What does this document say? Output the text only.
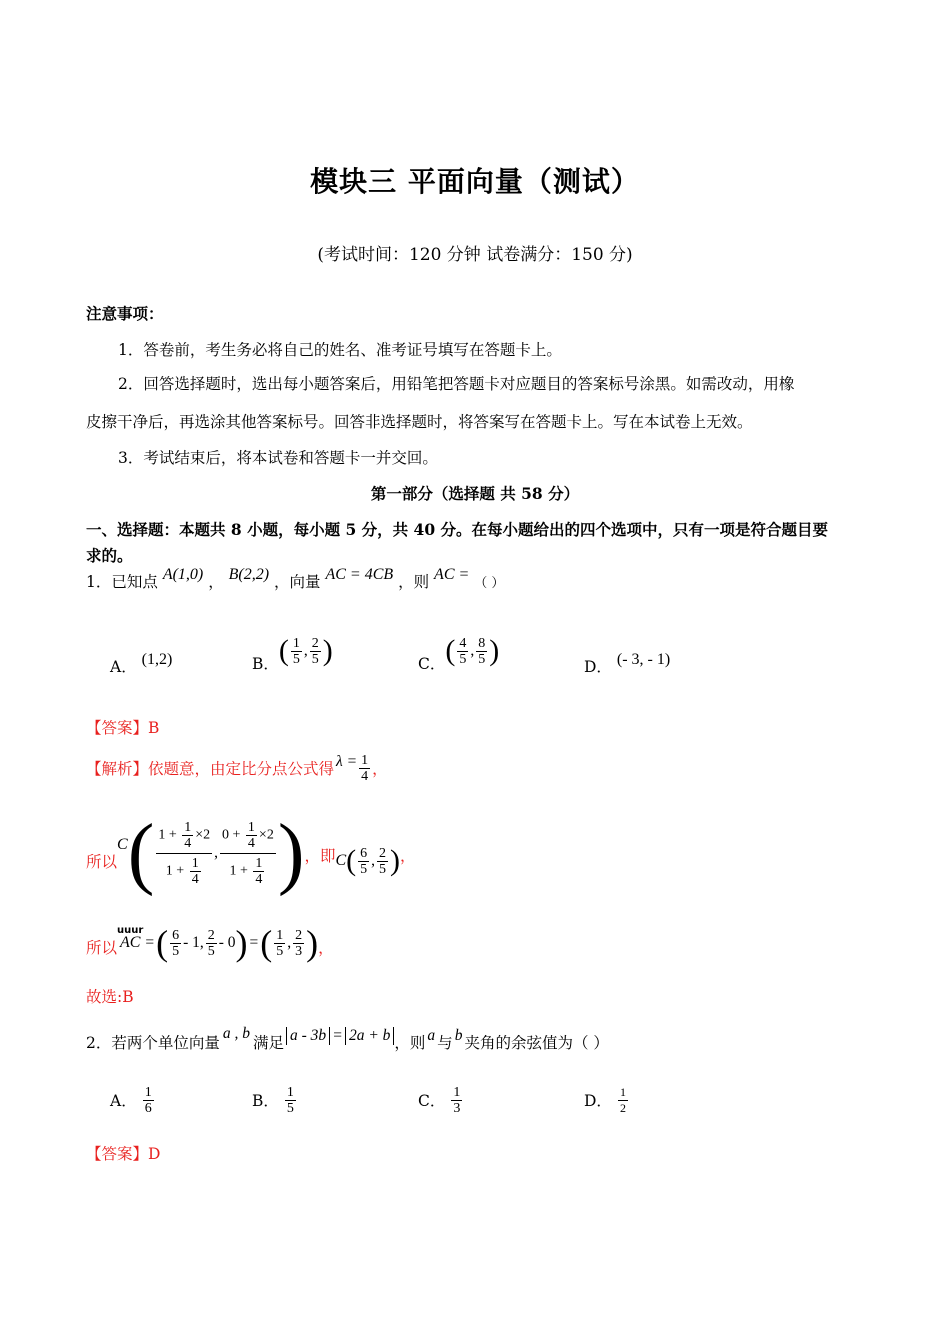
模块三 平面向量（测试）
(考试时间：120 分钟 试卷满分：150 分)
注意事项：
1．答卷前，考生务必将自己的姓名、准考证号填写在答题卡上。
2．回答选择题时，选出每小题答案后，用铅笔把答题卡对应题目的答案标号涂黑。如需改动，用橡
皮擦干净后，再选涂其他答案标号。回答非选择题时，将答案写在答题卡上。写在本试卷上无效。
3．考试结束后，将本试卷和答题卡一并交回。
第一部分（选择题 共 58 分）
一、选择题：本题共 8 小题，每小题 5 分，共 40 分。在每小题给出的四个选项中，只有一项是符合题目要
求的。
1．已知点 A(1,0) ， B(2,2) ，向量 AC = 4CB ，则 AC = （ ）
A． (1,2)	B． ( $\frac{1}{5}$ , $\frac{2}{5}$ )	C． ( $\frac{4}{5}$ , $\frac{8}{5}$ )	D． (- 3, - 1)
【答案】B
【解析】 依题意，由定比分点公式得 $\lambda = \frac{1}{4}$ ，
所以
C ( $\frac{1 + \frac{1}{4} \times 2}{1 + \frac{1}{4}}$ , $\frac{0 + \frac{1}{4} \times 2}{1 + \frac{1}{4}}$ ) ，即 C ( $\frac{6}{5}$ , $\frac{2}{5}$ ) ，
所以
uuur
AC = ( $\frac{6}{5} - 1$, $\frac{2}{5} - 0$ ) = ( $\frac{1}{5}$ , $\frac{2}{3}$ ) ，
故选:B
2．若两个单位向量
a , b
满足 a - 3b = 2a + b ，则 a 与 b 夹角的余弦值为（ ）
A． $\frac{1}{6}$	B． $\frac{1}{5}$	C． $\frac{1}{3}$	D． $\frac{1}{2}$
【答案】D
